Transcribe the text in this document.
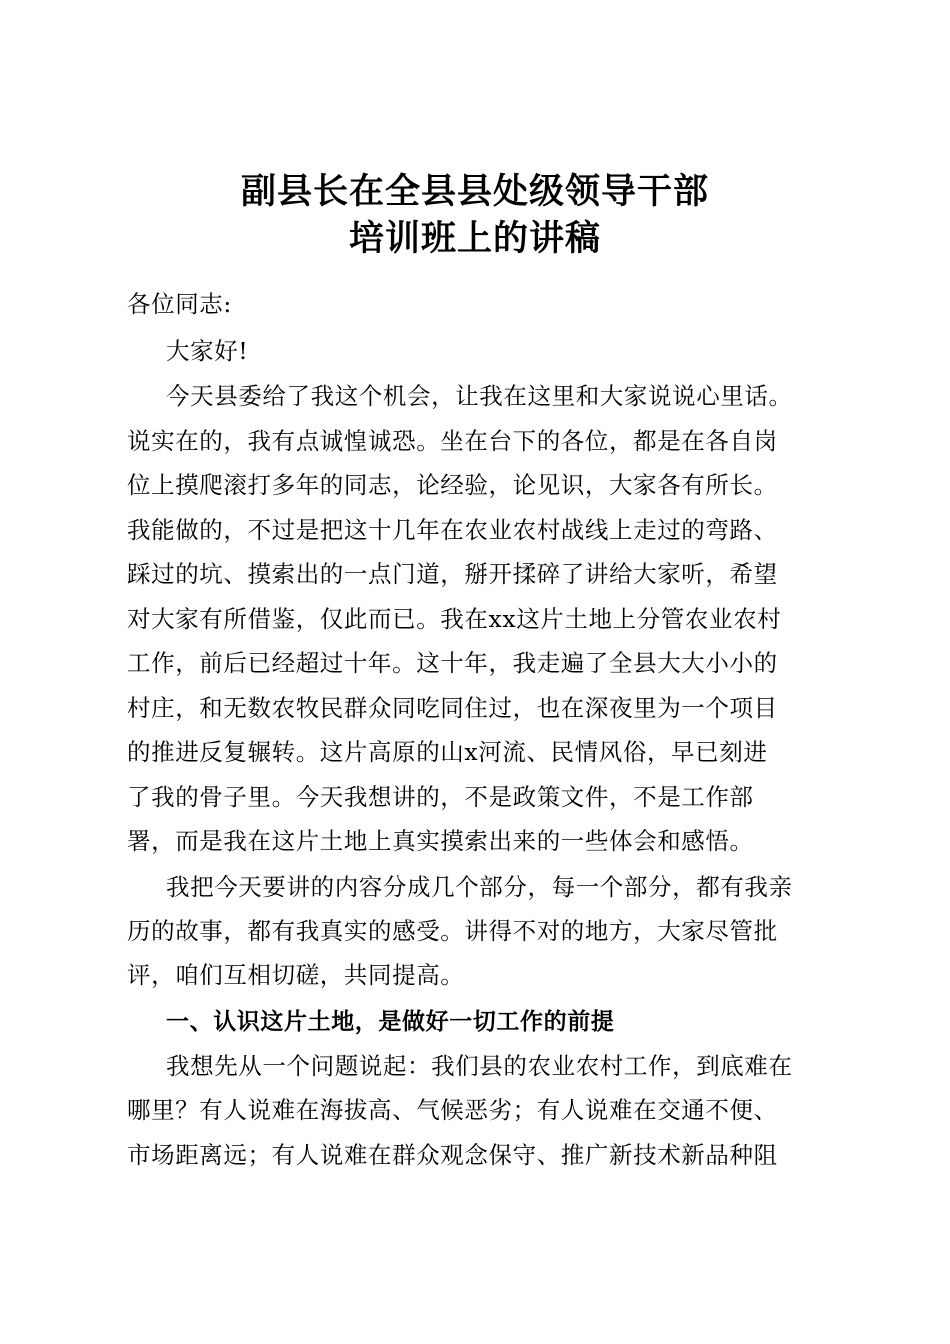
副县长在全县县处级领导干部
培训班上的讲稿
各位同志:
大家好!
今天县委给了我这个机会，让我在这里和大家说说心里话。
说实在的，我有点诚惶诚恐。坐在台下的各位，都是在各自岗
位上摸爬滚打多年的同志，论经验，论见识，大家各有所长。
我能做的，不过是把这十几年在农业农村战线上走过的弯路、
踩过的坑、摸索出的一点门道，掰开揉碎了讲给大家听，希望
对大家有所借鉴，仅此而已。我在xx这片土地上分管农业农村
工作，前后已经超过十年。这十年，我走遍了全县大大小小的
村庄，和无数农牧民群众同吃同住过，也在深夜里为一个项目
的推进反复辗转。这片高原的山x河流、民情风俗，早已刻进
了我的骨子里。今天我想讲的，不是政策文件，不是工作部
署，而是我在这片土地上真实摸索出来的一些体会和感悟。
我把今天要讲的内容分成几个部分，每一个部分，都有我亲
历的故事，都有我真实的感受。讲得不对的地方，大家尽管批
评，咱们互相切磋，共同提高。
一、认识这片土地，是做好一切工作的前提
我想先从一个问题说起：我们县的农业农村工作，到底难在
哪里？有人说难在海拔高、气候恶劣；有人说难在交通不便、
市场距离远；有人说难在群众观念保守、推广新技术新品种阻
